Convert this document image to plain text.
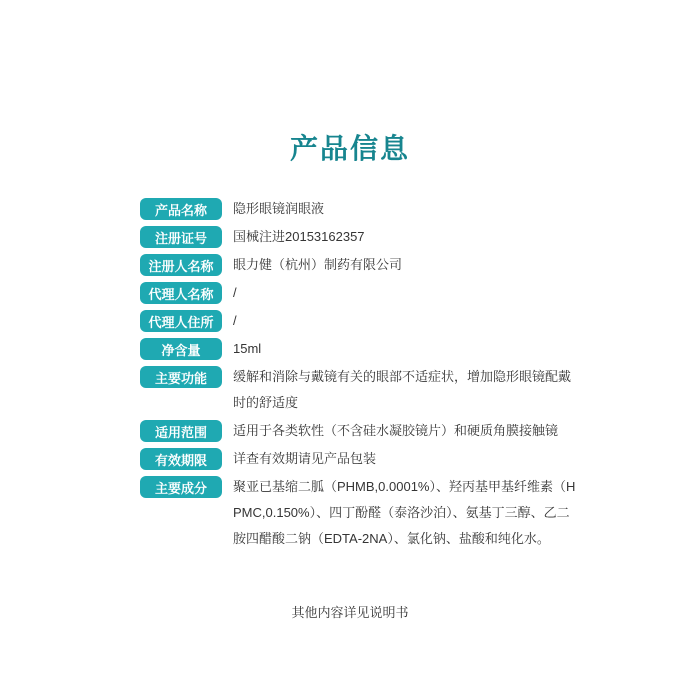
产品信息
产品名称	隐形眼镜润眼液
注册证号	国械注进20153162357
注册人名称	眼力健（杭州）制药有限公司
代理人名称	/
代理人住所	/
净含量	15ml
主要功能	缓解和消除与戴镜有关的眼部不适症状，增加隐形眼镜配戴时的舒适度
适用范围	适用于各类软性（不含硅水凝胶镜片）和硬质角膜接触镜
有效期限	详查有效期请见产品包装
主要成分	聚亚已基缩二胍（PHMB,0.0001%）、羟丙基甲基纤维素（HPMC,0.150%）、四丁酚醛（泰洛沙泊）、氨基丁三醇、乙二胺四醋酸二钠（EDTA-2NA）、氯化钠、盐酸和纯化水。
其他内容详见说明书
